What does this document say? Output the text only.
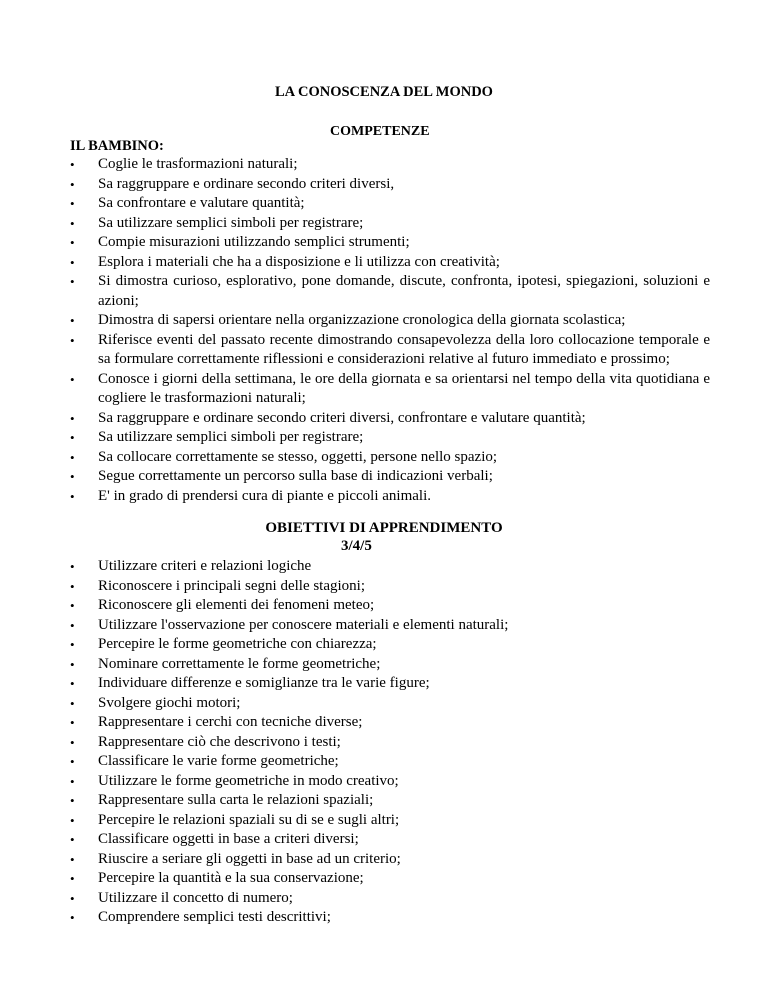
LA CONOSCENZA DEL MONDO
COMPETENZE
IL BAMBINO:
•	Coglie le trasformazioni naturali;
•	Sa raggruppare e ordinare secondo criteri diversi,
•	Sa confrontare e valutare quantità;
•	Sa utilizzare semplici simboli per registrare;
•	Compie misurazioni utilizzando semplici strumenti;
•	Esplora i materiali che ha a disposizione e li utilizza con creatività;
•	Si dimostra curioso, esplorativo, pone domande, discute, confronta, ipotesi, spiegazioni, soluzioni e azioni;
•	Dimostra di sapersi orientare nella organizzazione cronologica della giornata scolastica;
•	Riferisce eventi del passato recente dimostrando consapevolezza della loro collocazione temporale e sa formulare correttamente riflessioni e considerazioni relative al futuro immediato e prossimo;
•	Conosce i giorni della settimana, le ore della giornata e sa orientarsi nel tempo della vita quotidiana e cogliere le trasformazioni naturali;
•	Sa raggruppare e ordinare secondo criteri diversi, confrontare e valutare quantità;
•	Sa utilizzare semplici simboli per registrare;
•	Sa collocare correttamente se stesso, oggetti, persone nello spazio;
•	Segue correttamente un percorso sulla base di indicazioni verbali;
•	E' in grado di prendersi cura di piante e piccoli animali.
OBIETTIVI DI APPRENDIMENTO
3/4/5
•	Utilizzare criteri e relazioni logiche
•	Riconoscere i principali segni delle stagioni;
•	Riconoscere gli elementi dei fenomeni meteo;
•	Utilizzare l'osservazione per conoscere materiali e elementi naturali;
•	Percepire le forme geometriche con chiarezza;
•	Nominare correttamente le forme geometriche;
•	Individuare differenze e somiglianze tra le varie figure;
•	Svolgere giochi motori;
•	Rappresentare i cerchi con tecniche diverse;
•	Rappresentare ciò che descrivono i testi;
•	Classificare le varie forme geometriche;
•	Utilizzare le forme geometriche in modo creativo;
•	Rappresentare sulla carta le relazioni spaziali;
•	Percepire le relazioni spaziali su di se e sugli altri;
•	Classificare oggetti in base a criteri diversi;
•	Riuscire a seriare gli oggetti in base ad un criterio;
•	Percepire la quantità e la sua conservazione;
•	Utilizzare il concetto di numero;
•	Comprendere semplici testi descrittivi;
